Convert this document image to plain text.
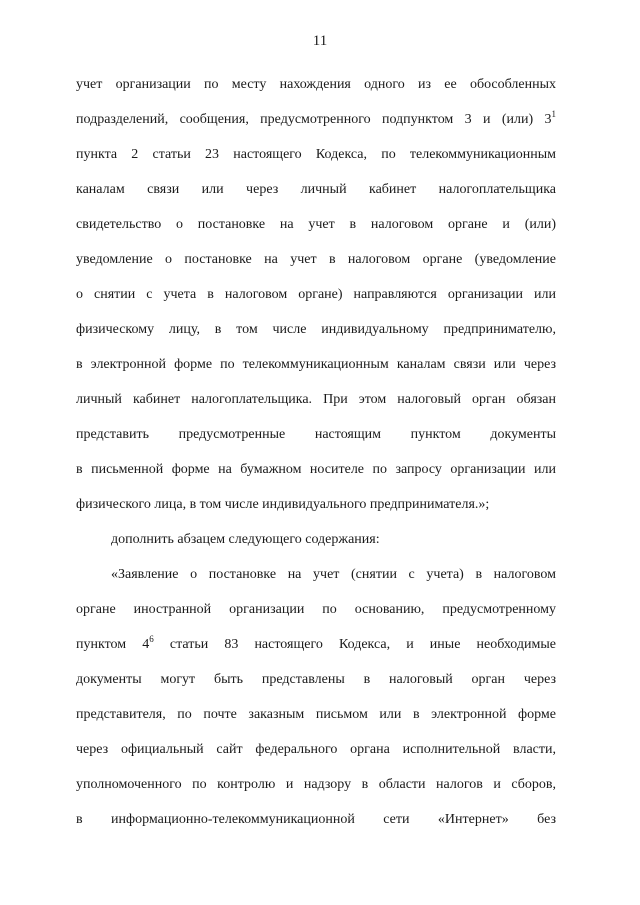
11
учет организации по месту нахождения одного из ее обособленных
подразделений, сообщения, предусмотренного подпунктом 3 и (или) $3^1$
пункта 2 статьи 23 настоящего Кодекса, по телекоммуникационным
каналам связи или через личный кабинет налогоплательщика
свидетельство о постановке на учет в налоговом органе и (или)
уведомление о постановке на учет в налоговом органе (уведомление
о снятии с учета в налоговом органе) направляются организации или
физическому лицу, в том числе индивидуальному предпринимателю,
в электронной форме по телекоммуникационным каналам связи или через
личный кабинет налогоплательщика. При этом налоговый орган обязан
представить предусмотренные настоящим пунктом документы
в письменной форме на бумажном носителе по запросу организации или
физического лица, в том числе индивидуального предпринимателя.»;
дополнить абзацем следующего содержания:
«Заявление о постановке на учет (снятии с учета) в налоговом
органе иностранной организации по основанию, предусмотренному
пунктом $4^6$ статьи 83 настоящего Кодекса, и иные необходимые
документы могут быть представлены в налоговый орган через
представителя, по почте заказным письмом или в электронной форме
через официальный сайт федерального органа исполнительной власти,
уполномоченного по контролю и надзору в области налогов и сборов,
в информационно-телекоммуникационной сети «Интернет» без
